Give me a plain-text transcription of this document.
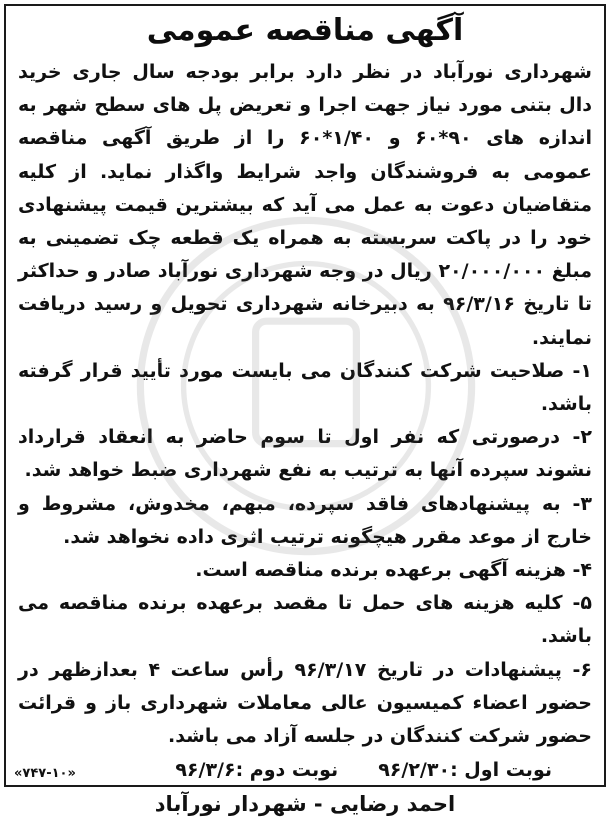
آگهی مناقصه عمومی

شهرداری نورآباد در نظر دارد برابر بودجه سال جاری خرید دال بتنی مورد نیاز جهت اجرا و تعریض پل های سطح شهر به اندازه های ۹۰*۶۰ و ۱/۴۰*۶۰ را از طریق آگهی مناقصه عمومی به فروشندگان واجد شرایط واگذار نماید. از کلیه متقاضیان دعوت به عمل می آید که بیشترین قیمت پیشنهادی خود را در پاکت سربسته به همراه یک قطعه چک تضمینی به مبلغ ۲۰/۰۰۰/۰۰۰ ریال در وجه شهرداری نورآباد صادر و حداکثر تا تاریخ ۹۶/۳/۱۶ به دبیرخانه شهرداری تحویل و رسید دریافت نمایند.

۱- صلاحیت شرکت کنندگان می بایست مورد تأیید قرار گرفته باشد.
۲- درصورتی که نفر اول تا سوم حاضر به انعقاد قرارداد نشوند سپرده آنها به ترتیب به نفع شهرداری ضبط خواهد شد.
۳- به پیشنهادهای فاقد سپرده، مبهم، مخدوش، مشروط و خارج از موعد مقرر هیچگونه ترتیب اثری داده نخواهد شد.
۴- هزینه آگهی برعهده برنده مناقصه است.
۵- کلیه هزینه های حمل تا مقصد برعهده برنده مناقصه می باشد.
۶- پیشنهادات در تاریخ ۹۶/۳/۱۷ رأس ساعت ۴ بعدازظهر در حضور اعضاء کمیسیون عالی معاملات شهرداری باز و قرائت حضور شرکت کنندگان در جلسه آزاد می باشد.
نوبت اول :۹۶/۲/۳۰
نوبت دوم :۹۶/۳/۶
احمد رضایی - شهردار نورآباد
«۷۴۷-۱۰»
